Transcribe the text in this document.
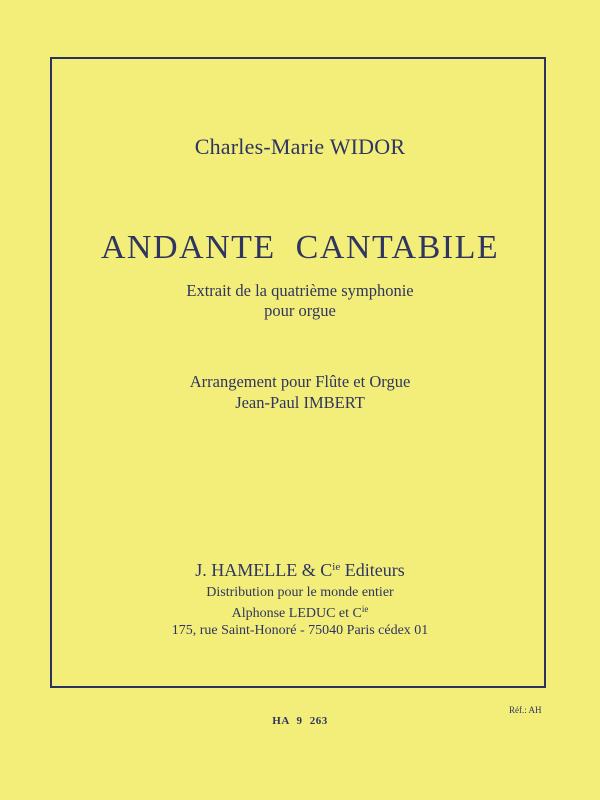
Charles-Marie WIDOR
ANDANTE CANTABILE
Extrait de la quatrième symphonie
pour orgue
Arrangement pour Flûte et Orgue
Jean-Paul IMBERT
J. HAMELLE & $C^{ie}$ Editeurs
Distribution pour le monde entier
Alphonse LEDUC et $C^{ie}$
175, rue Saint-Honoré - 75040 Paris cédex 01
HA 9 263
Réf.: AH
